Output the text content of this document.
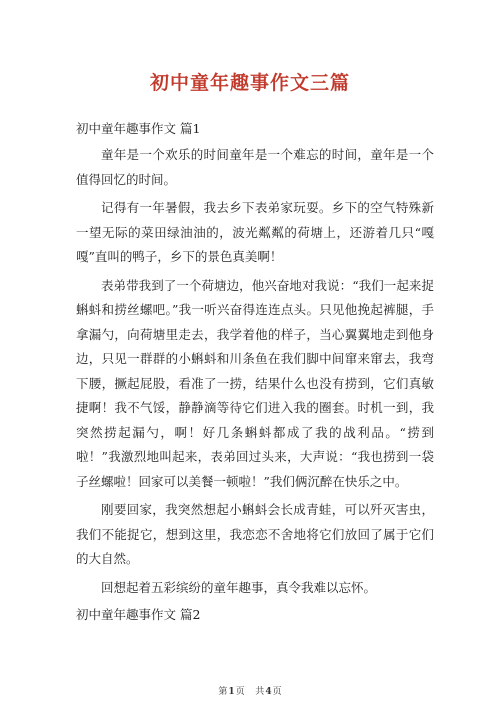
初中童年趣事作文三篇
初中童年趣事作文 篇1

童年是一个欢乐的时间童年是一个难忘的时间，童年是一个值得回忆的时间。

记得有一年暑假，我去乡下表弟家玩耍。乡下的空气特殊新一望无际的菜田绿油油的，波光粼粼的荷塘上，还游着几只“嘎嘎”直叫的鸭子，乡下的景色真美啊！

表弟带我到了一个荷塘边，他兴奋地对我说：“我们一起来捉蝌蚪和捞丝螺吧。”我一听兴奋得连连点头。只见他挽起裤腿，手拿漏勺，向荷塘里走去，我学着他的样子，当心翼翼地走到他身边，只见一群群的小蝌蚪和川条鱼在我们脚中间窜来窜去，我弯下腰，撅起屁股，看准了一捞，结果什么也没有捞到，它们真敏捷啊！我不气馁，静静滴等待它们进入我的圈套。时机一到，我突然捞起漏勺，啊！好几条蝌蚪都成了我的战利品。“捞到啦！”我激烈地叫起来，表弟回过头来，大声说：“我也捞到一袋子丝螺啦！回家可以美餐一顿啦！”我们俩沉醉在快乐之中。

刚要回家，我突然想起小蝌蚪会长成青蛙，可以歼灭害虫，我们不能捉它，想到这里，我恋恋不舍地将它们放回了属于它们的大自然。

回想起着五彩缤纷的童年趣事，真令我难以忘怀。

初中童年趣事作文 篇2
第1页 共4页
